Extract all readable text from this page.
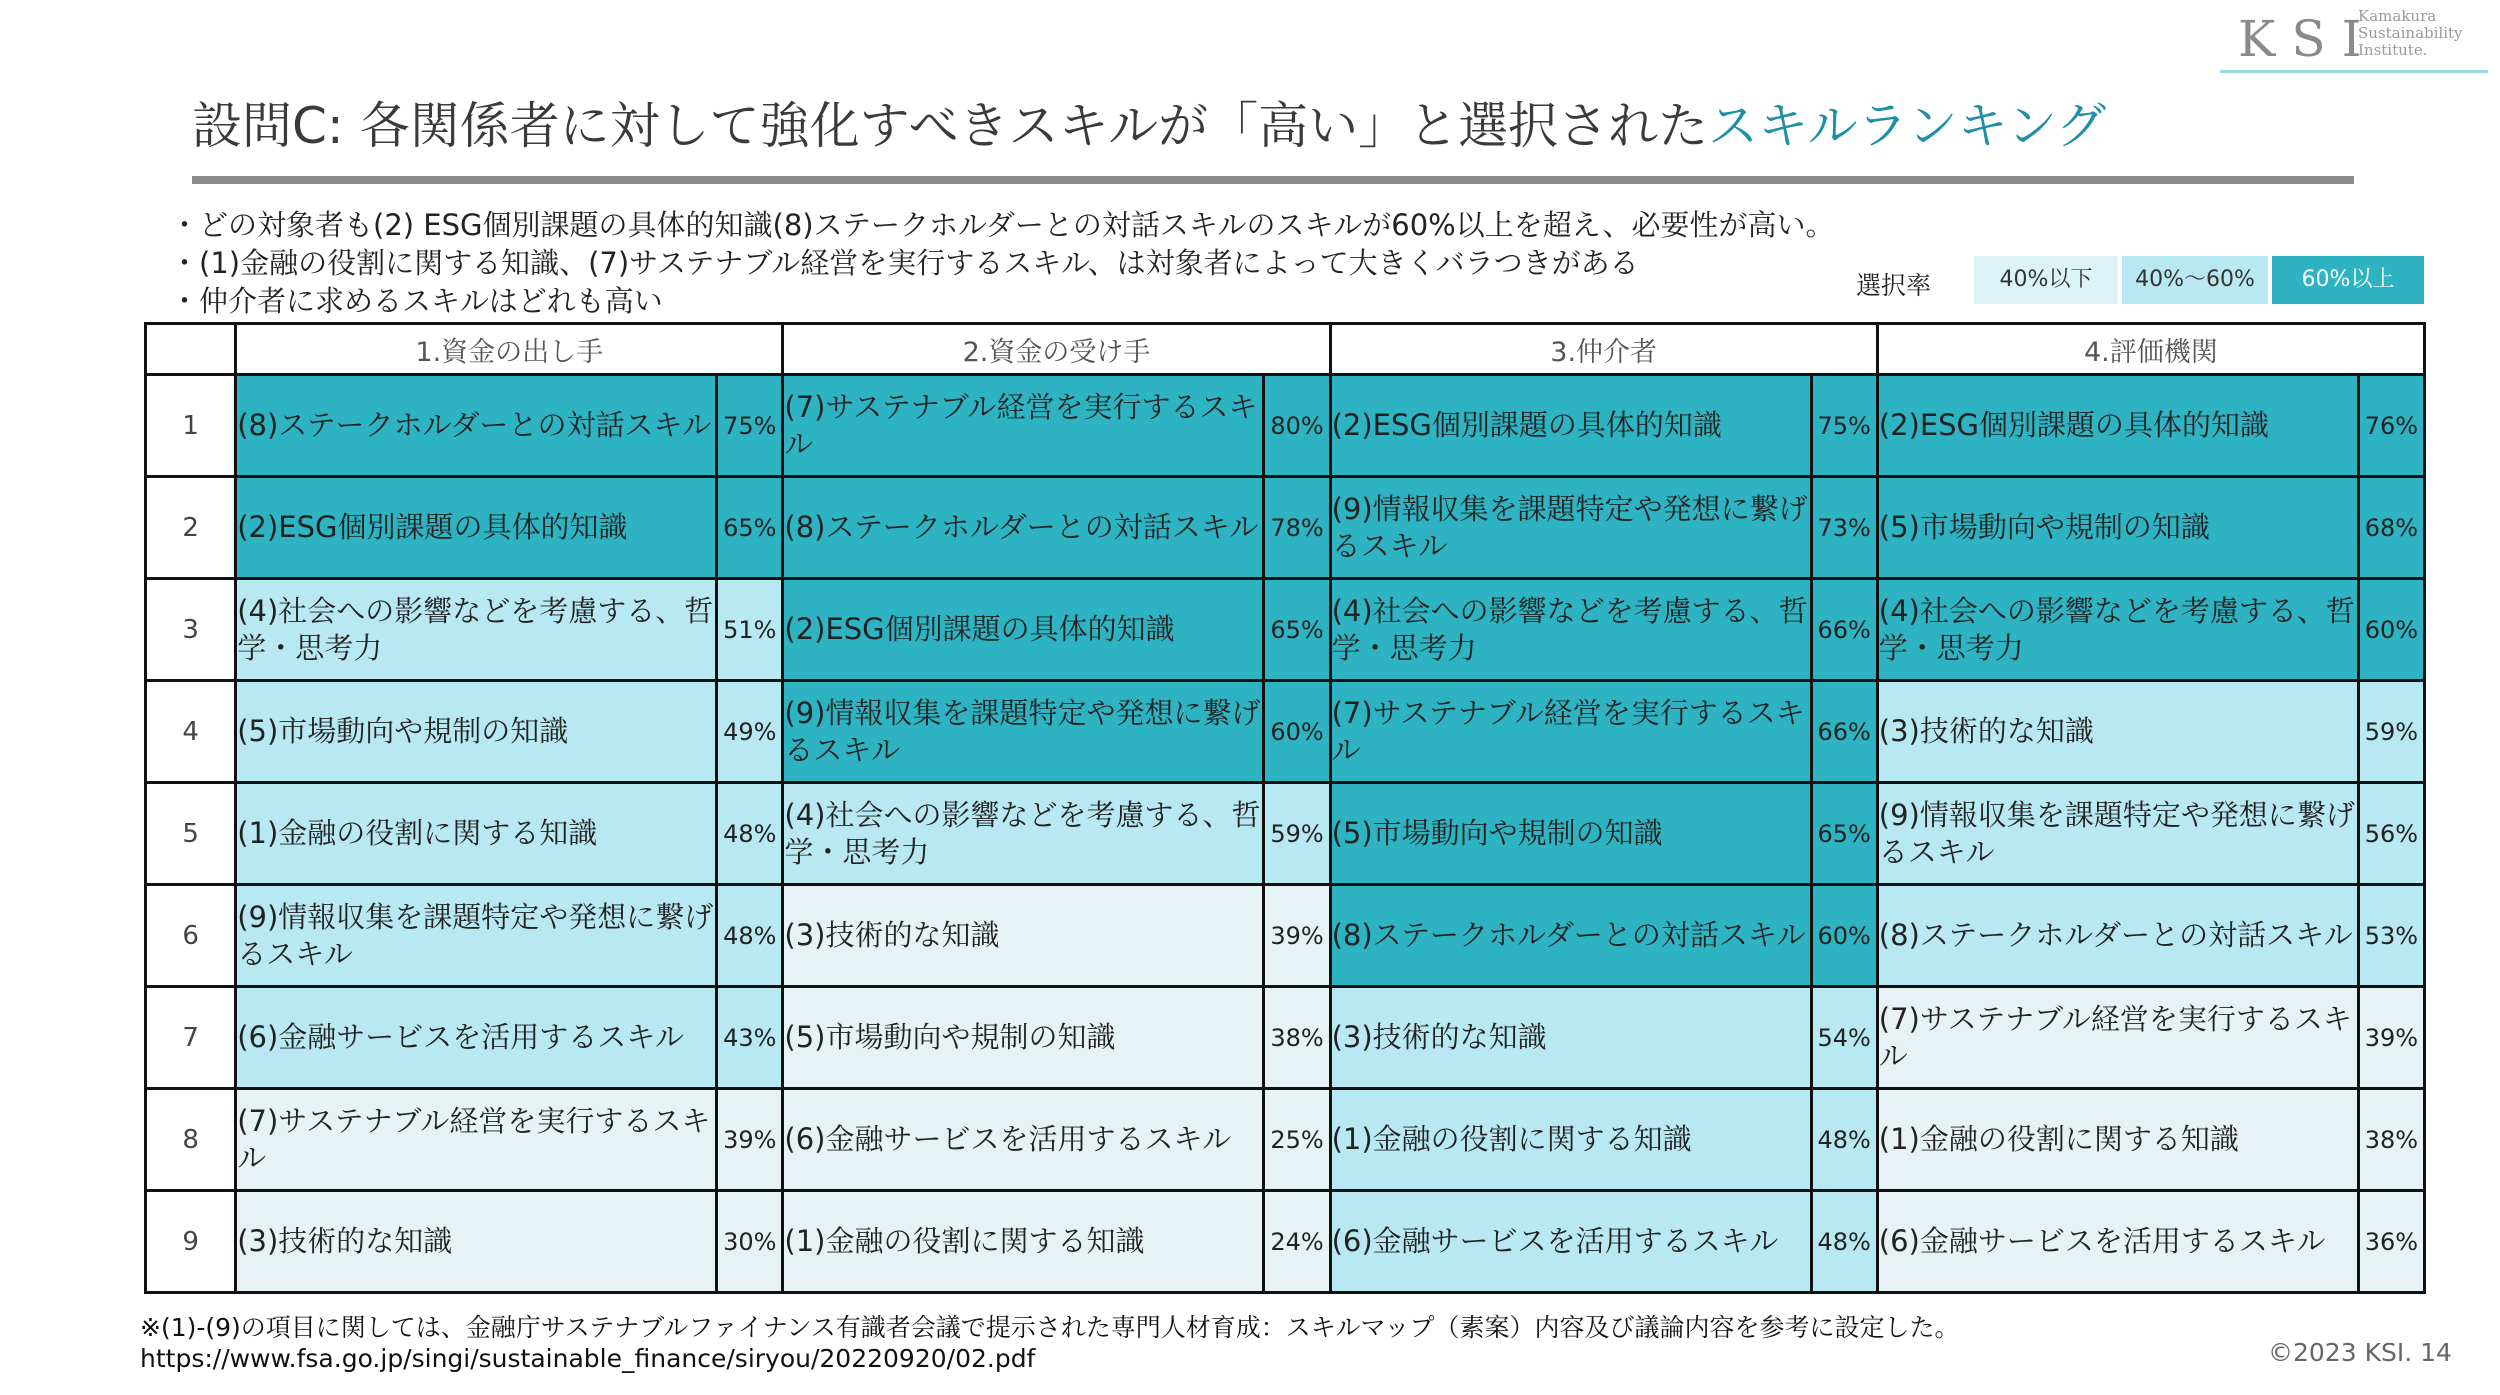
KSI
Kamakura
Sustainability
Institute.
設問C: 各関係者に対して強化すべきスキルが「高い」と選択されたスキルランキング
・どの対象者も(2) ESG個別課題の具体的知識(8)ステークホルダーとの対話スキルのスキルが60%以上を超え、必要性が高い。
・(1)金融の役割に関する知識、(7)サステナブル経営を実行するスキル、は対象者によって大きくバラつきがある
・仲介者に求めるスキルはどれも高い	選択率	40%以下	40%～60%	60%以上
	1.資金の出し手		2.資金の受け手		3.仲介者		4.評価機関	
1	(8)ステークホルダーとの対話スキル	75%	(7)サステナブル経営を実行するスキル	80%	(2)ESG個別課題の具体的知識	75%	(2)ESG個別課題の具体的知識	76%
2	(2)ESG個別課題の具体的知識	65%	(8)ステークホルダーとの対話スキル	78%	(9)情報収集を課題特定や発想に繋げるスキル	73%	(5)市場動向や規制の知識	68%
3	(4)社会への影響などを考慮する、哲学・思考力	51%	(2)ESG個別課題の具体的知識	65%	(4)社会への影響などを考慮する、哲学・思考力	66%	(4)社会への影響などを考慮する、哲学・思考力	60%
4	(5)市場動向や規制の知識	49%	(9)情報収集を課題特定や発想に繋げるスキル	60%	(7)サステナブル経営を実行するスキル	66%	(3)技術的な知識	59%
5	(1)金融の役割に関する知識	48%	(4)社会への影響などを考慮する、哲学・思考力	59%	(5)市場動向や規制の知識	65%	(9)情報収集を課題特定や発想に繋げるスキル	56%
6	(9)情報収集を課題特定や発想に繋げるスキル	48%	(3)技術的な知識	39%	(8)ステークホルダーとの対話スキル	60%	(8)ステークホルダーとの対話スキル	53%
7	(6)金融サービスを活用するスキル	43%	(5)市場動向や規制の知識	38%	(3)技術的な知識	54%	(7)サステナブル経営を実行するスキル	39%
8	(7)サステナブル経営を実行するスキル	39%	(6)金融サービスを活用するスキル	25%	(1)金融の役割に関する知識	48%	(1)金融の役割に関する知識	38%
9	(3)技術的な知識	30%	(1)金融の役割に関する知識	24%	(6)金融サービスを活用するスキル	48%	(6)金融サービスを活用するスキル	36%
※(1)-(9)の項目に関しては、金融庁サステナブルファイナンス有識者会議で提示された専門人材育成：スキルマップ（素案）内容及び議論内容を参考に設定した。
https://www.fsa.go.jp/singi/sustainable_finance/siryou/20220920/02.pdf	©2023 KSI. 14
